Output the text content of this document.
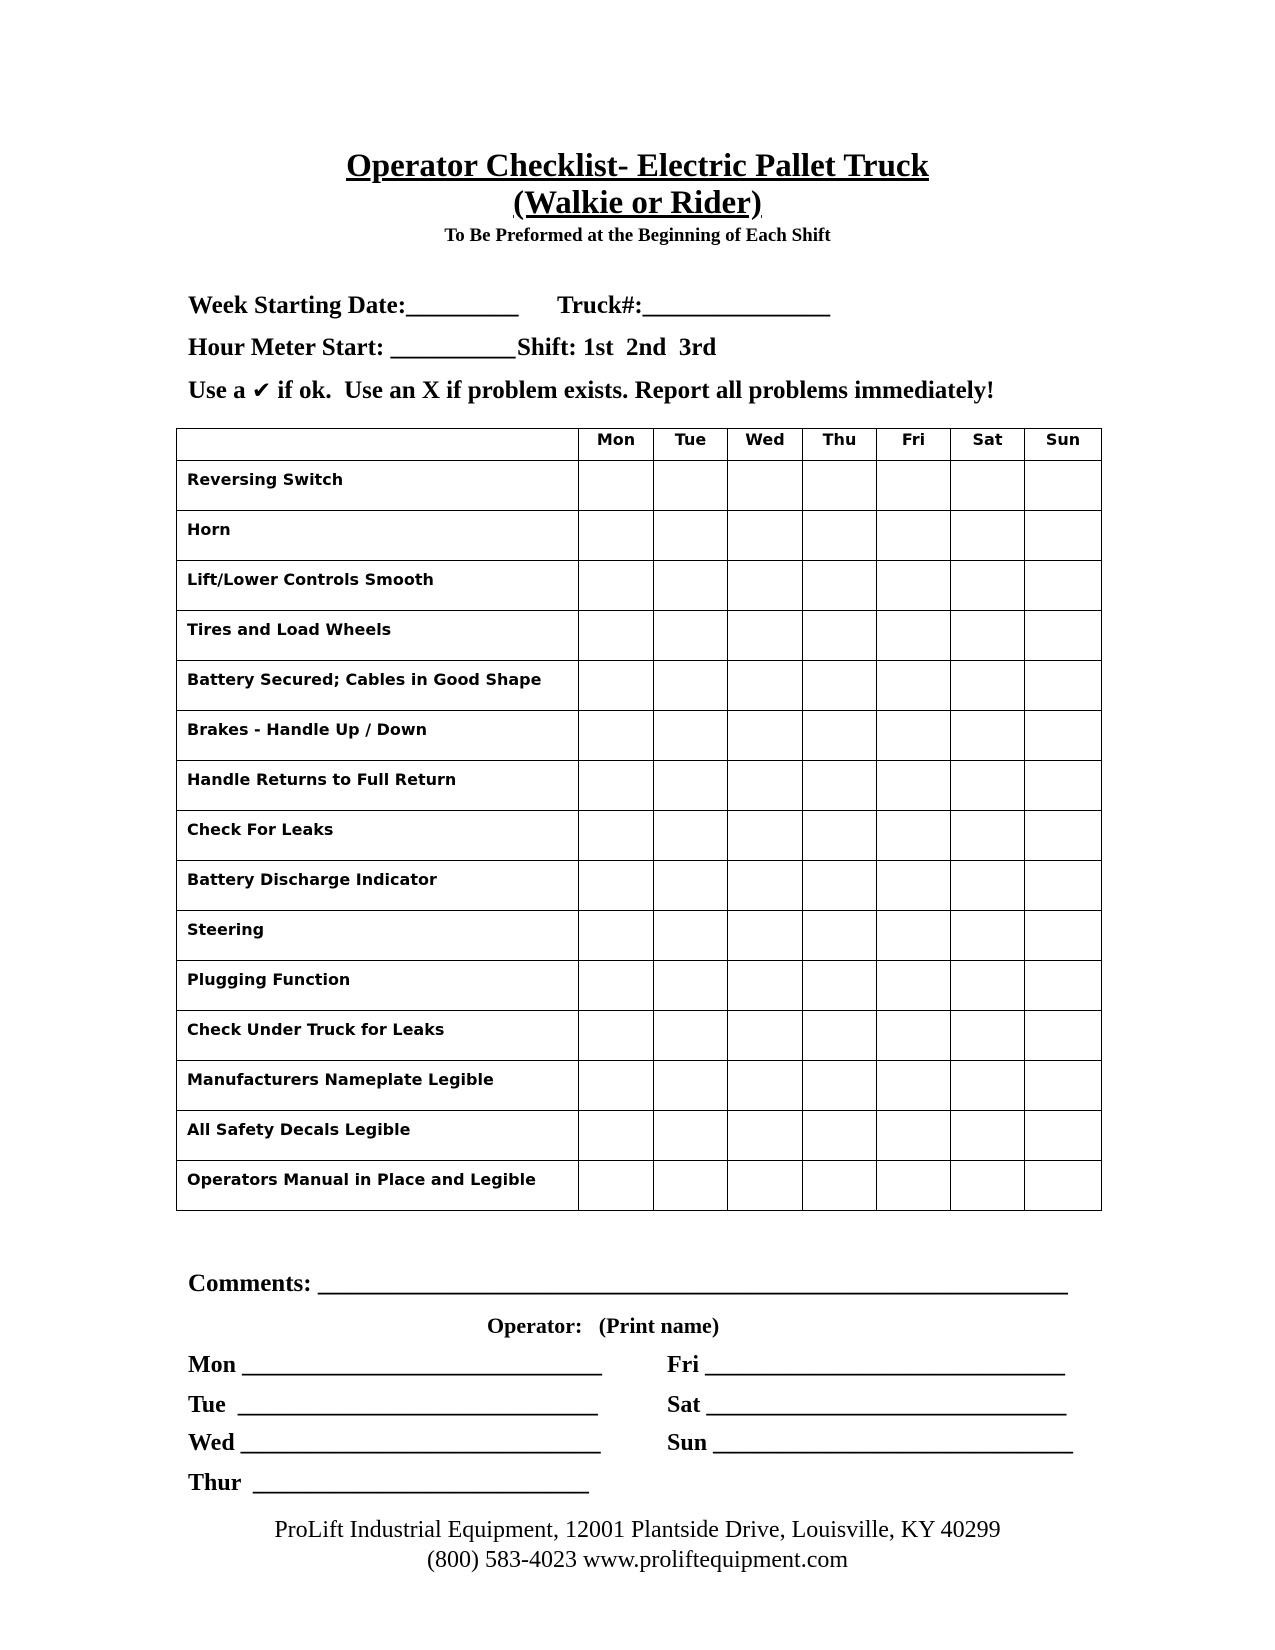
Operator Checklist- Electric Pallet Truck
(Walkie or Rider)
To Be Preformed at the Beginning of Each Shift
Week Starting Date:_________ Truck#:_______________
Hour Meter Start: __________ Shift: 1st  2nd  3rd
Use a ✔ if ok.  Use an X if problem exists. Report all problems immediately!
	Mon	Tue	Wed	Thu	Fri	Sat	Sun
Reversing Switch							
Horn							
Lift/Lower Controls Smooth							
Tires and Load Wheels							
Battery Secured; Cables in Good Shape							
Brakes - Handle Up / Down							
Handle Returns to Full Return							
Check For Leaks							
Battery Discharge Indicator							
Steering							
Plugging Function							
Check Under Truck for Leaks							
Manufacturers Nameplate Legible							
All Safety Decals Legible							
Operators Manual in Place and Legible							
Comments: ____________________________________________________________
Operator:   (Print name)
Mon ______________________________
Tue  ______________________________
Wed ______________________________
Thur  ____________________________
Fri ______________________________
Sat ______________________________
Sun ______________________________
ProLift Industrial Equipment, 12001 Plantside Drive, Louisville, KY 40299
(800) 583-4023 www.proliftequipment.com
